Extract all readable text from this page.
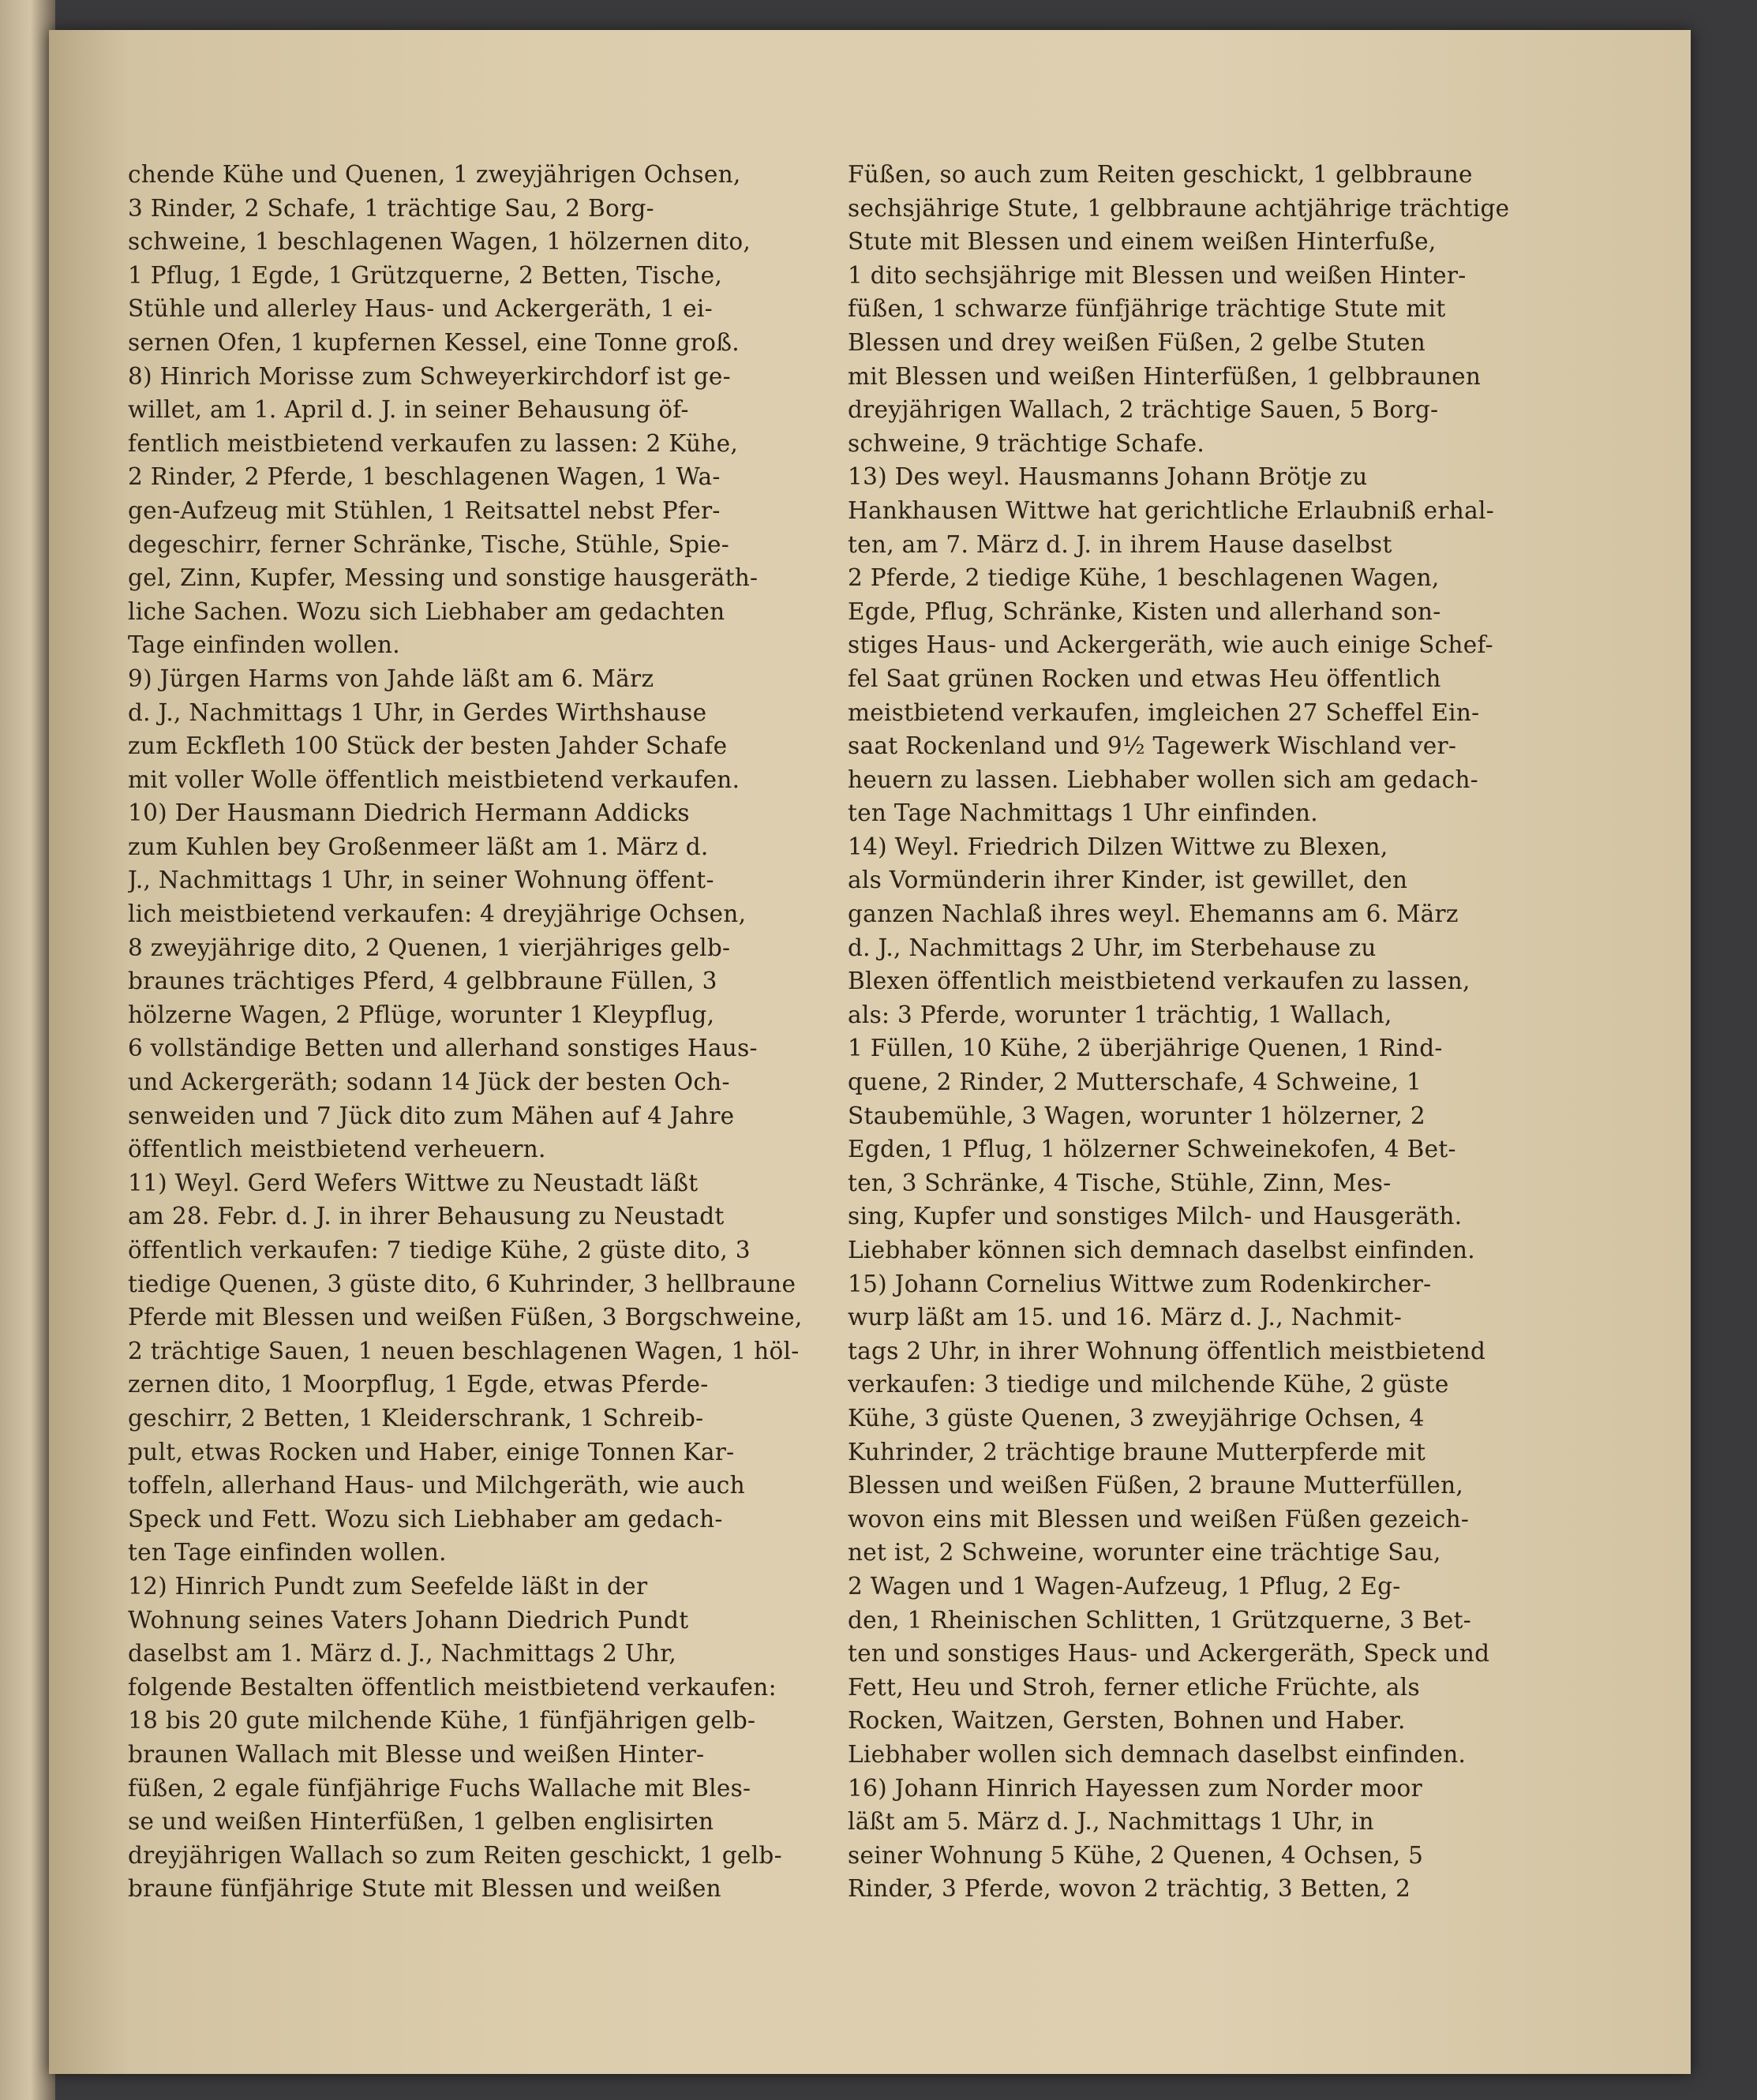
chende Kühe und Quenen, 1 zweyjährigen Ochsen,
3 Rinder, 2 Schafe, 1 trächtige Sau, 2 Borg-
schweine, 1 beschlagenen Wagen, 1 hölzernen dito,
1 Pflug, 1 Egde, 1 Grützquerne, 2 Betten, Tische,
Stühle und allerley Haus- und Ackergeräth, 1 ei-
sernen Ofen, 1 kupfernen Kessel, eine Tonne groß.
8) Hinrich Morisse zum Schweyerkirchdorf ist ge-
willet, am 1. April d. J. in seiner Behausung öf-
fentlich meistbietend verkaufen zu lassen: 2 Kühe,
2 Rinder, 2 Pferde, 1 beschlagenen Wagen, 1 Wa-
gen-Aufzeug mit Stühlen, 1 Reitsattel nebst Pfer-
degeschirr, ferner Schränke, Tische, Stühle, Spie-
gel, Zinn, Kupfer, Messing und sonstige hausgeräth-
liche Sachen. Wozu sich Liebhaber am gedachten
Tage einfinden wollen.
9) Jürgen Harms von Jahde läßt am 6. März
d. J., Nachmittags 1 Uhr, in Gerdes Wirthshause
zum Eckfleth 100 Stück der besten Jahder Schafe
mit voller Wolle öffentlich meistbietend verkaufen.
10) Der Hausmann Diedrich Hermann Addicks
zum Kuhlen bey Großenmeer läßt am 1. März d.
J., Nachmittags 1 Uhr, in seiner Wohnung öffent-
lich meistbietend verkaufen: 4 dreyjährige Ochsen,
8 zweyjährige dito, 2 Quenen, 1 vierjähriges gelb-
braunes trächtiges Pferd, 4 gelbbraune Füllen, 3
hölzerne Wagen, 2 Pflüge, worunter 1 Kleypflug,
6 vollständige Betten und allerhand sonstiges Haus-
und Ackergeräth; sodann 14 Jück der besten Och-
senweiden und 7 Jück dito zum Mähen auf 4 Jahre
öffentlich meistbietend verheuern.
11) Weyl. Gerd Wefers Wittwe zu Neustadt läßt
am 28. Febr. d. J. in ihrer Behausung zu Neustadt
öffentlich verkaufen: 7 tiedige Kühe, 2 güste dito, 3
tiedige Quenen, 3 güste dito, 6 Kuhrinder, 3 hellbraune
Pferde mit Blessen und weißen Füßen, 3 Borgschweine,
2 trächtige Sauen, 1 neuen beschlagenen Wagen, 1 höl-
zernen dito, 1 Moorpflug, 1 Egde, etwas Pferde-
geschirr, 2 Betten, 1 Kleiderschrank, 1 Schreib-
pult, etwas Rocken und Haber, einige Tonnen Kar-
toffeln, allerhand Haus- und Milchgeräth, wie auch
Speck und Fett. Wozu sich Liebhaber am gedach-
ten Tage einfinden wollen.
12) Hinrich Pundt zum Seefelde läßt in der
Wohnung seines Vaters Johann Diedrich Pundt
daselbst am 1. März d. J., Nachmittags 2 Uhr,
folgende Bestalten öffentlich meistbietend verkaufen:
18 bis 20 gute milchende Kühe, 1 fünfjährigen gelb-
braunen Wallach mit Blesse und weißen Hinter-
füßen, 2 egale fünfjährige Fuchs Wallache mit Bles-
se und weißen Hinterfüßen, 1 gelben englisirten
dreyjährigen Wallach so zum Reiten geschickt, 1 gelb-
braune fünfjährige Stute mit Blessen und weißen
Füßen, so auch zum Reiten geschickt, 1 gelbbraune
sechsjährige Stute, 1 gelbbraune achtjährige trächtige
Stute mit Blessen und einem weißen Hinterfuße,
1 dito sechsjährige mit Blessen und weißen Hinter-
füßen, 1 schwarze fünfjährige trächtige Stute mit
Blessen und drey weißen Füßen, 2 gelbe Stuten
mit Blessen und weißen Hinterfüßen, 1 gelbbraunen
dreyjährigen Wallach, 2 trächtige Sauen, 5 Borg-
schweine, 9 trächtige Schafe.
13) Des weyl. Hausmanns Johann Brötje zu
Hankhausen Wittwe hat gerichtliche Erlaubniß erhal-
ten, am 7. März d. J. in ihrem Hause daselbst
2 Pferde, 2 tiedige Kühe, 1 beschlagenen Wagen,
Egde, Pflug, Schränke, Kisten und allerhand son-
stiges Haus- und Ackergeräth, wie auch einige Schef-
fel Saat grünen Rocken und etwas Heu öffentlich
meistbietend verkaufen, imgleichen 27 Scheffel Ein-
saat Rockenland und 9½ Tagewerk Wischland ver-
heuern zu lassen. Liebhaber wollen sich am gedach-
ten Tage Nachmittags 1 Uhr einfinden.
14) Weyl. Friedrich Dilzen Wittwe zu Blexen,
als Vormünderin ihrer Kinder, ist gewillet, den
ganzen Nachlaß ihres weyl. Ehemanns am 6. März
d. J., Nachmittags 2 Uhr, im Sterbehause zu
Blexen öffentlich meistbietend verkaufen zu lassen,
als: 3 Pferde, worunter 1 trächtig, 1 Wallach,
1 Füllen, 10 Kühe, 2 überjährige Quenen, 1 Rind-
quene, 2 Rinder, 2 Mutterschafe, 4 Schweine, 1
Staubemühle, 3 Wagen, worunter 1 hölzerner, 2
Egden, 1 Pflug, 1 hölzerner Schweinekofen, 4 Bet-
ten, 3 Schränke, 4 Tische, Stühle, Zinn, Mes-
sing, Kupfer und sonstiges Milch- und Hausgeräth.
Liebhaber können sich demnach daselbst einfinden.
15) Johann Cornelius Wittwe zum Rodenkircher-
wurp läßt am 15. und 16. März d. J., Nachmit-
tags 2 Uhr, in ihrer Wohnung öffentlich meistbietend
verkaufen: 3 tiedige und milchende Kühe, 2 güste
Kühe, 3 güste Quenen, 3 zweyjährige Ochsen, 4
Kuhrinder, 2 trächtige braune Mutterpferde mit
Blessen und weißen Füßen, 2 braune Mutterfüllen,
wovon eins mit Blessen und weißen Füßen gezeich-
net ist, 2 Schweine, worunter eine trächtige Sau,
2 Wagen und 1 Wagen-Aufzeug, 1 Pflug, 2 Eg-
den, 1 Rheinischen Schlitten, 1 Grützquerne, 3 Bet-
ten und sonstiges Haus- und Ackergeräth, Speck und
Fett, Heu und Stroh, ferner etliche Früchte, als
Rocken, Waitzen, Gersten, Bohnen und Haber.
Liebhaber wollen sich demnach daselbst einfinden.
16) Johann Hinrich Hayessen zum Norder moor
läßt am 5. März d. J., Nachmittags 1 Uhr, in
seiner Wohnung 5 Kühe, 2 Quenen, 4 Ochsen, 5
Rinder, 3 Pferde, wovon 2 trächtig, 3 Betten, 2
